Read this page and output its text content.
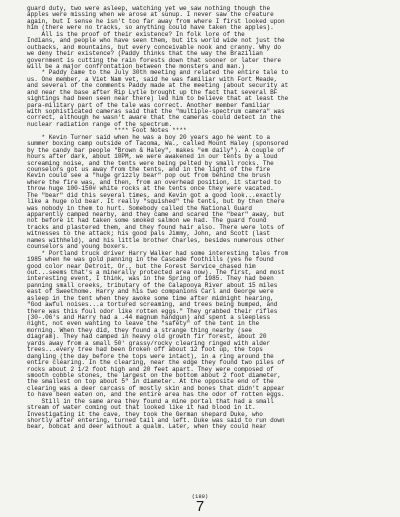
guard duty, two were asleep, watching yet we saw nothing though the
apples were missing when we arose at sunup. I never saw the creature
again, but I sense he isn't too far away from where I first looked upon
him (there were no tracks, so anything could have taken the apples).
All is the proof of their existence? In folk lore of the
Indians, and people who have seen them, but its world wide not just the
outbacks, and mountains, but every conceivable nook and cranny. Why do
we deny their existence? (Paddy thinks that the way the Brazilian
government is cutting the rain forests down that sooner or later there
will be a major confrontation between the monsters and man.)
* Paddy came to the July 30th meeting and related the entire tale to
us. One member, a Viet Nam vet, said he was familiar with Fort Meade,
and several of the comments Paddy made at the meeting (about security at
and near the base after Rip Lytle brought up the fact that several BF
sightings had been seen near there) led him to believe that at least the
para-military part of the tale was correct. Another member familiar
with sophisticated cameras said that the "multiple-spectrum camera" was
correct, although he wasn't aware that the cameras could detect in the
nuclear radiation range of the spectrum.
**** Foot Notes ****
* Kevin Turner said when he was a boy 20 years ago he went to a
summer boxing camp outside of Tacoma, Wa., called Mount Haley (sponsored
by the candy bar people "Brown & Haley", makes "em daily"). A couple of
hours after dark, about 10PM, we were awakened in our tents by a loud
screaming noise, and the tents were being pelted by small rocks. The
counselors got us away from the tents, and in the light of the fire
Kevin could see a "huge grizzly bear" pop out from behind the brush
where the fire was, and then, from an overhead position, it started to
throw huge 100-150# white rocks at the tents once they were vacated.
The "bear" did this several times, and Kevin got a good look...exactly
like a huge old bear. It really "squished" the tents, but by then there
was nobody in them to hurt. Somebody called the National Guard
apparently camped nearby, and they came and scared the "bear" away, but
not before it had taken some smoked salmon we had. The guard found
tracks and plastered them, and they found hair also. There were lots of
witnesses to the attack; his good pals Jimmy, John, and Scott (last
names withheld), and his little brother Charles, besides numerous other
counselors and young boxers.
* Portland truck driver Harry Walker had some interesting tales from
1985 when he was gold panning in the Cascade foothills (yes he found
good color near Detroit, Or., but the Forest Service chased him
out...seems that's a minerally protected area now). The first, and most
interesting event, I think, was in the Spring of 1985. They had been
panning small creeks, tributary of the Calapooya River about 15 miles
east of Sweethome. Harry and his two companions Carl and George were
asleep in the tent when they awoke some time after midnight hearing,
"God awful noises...a tortured screaming, and trees being bumped, and
there was this foul odor like rotten eggs." They grabbed their rifles
(30-.06's and Harry had a .44 magnum handgun) and spent a sleepless
night, not even wanting to leave the "safety" of the tent in the
morning. When they did, they found a strange thing nearby (see
diagram). They had camped in heavy old growth fir forest, about 20
yards away from a small 50' grassy/rocky clearing ringed with alder
trees...every tree had been broken off about 12 foot up, the tops
dangling (the day before the tops were intact), in a ring around the
entire clearing. In the clearing, near the edge they found two piles of
rocks about 2 1/2 foot high and 20 feet apart. They were composed of
smooth cobble stones, the largest on the bottom about 2 foot diameter,
the smallest on top about 5" in diameter. At the opposite end of the
clearing was a deer carcass of mostly skin and bones that didn't appear
to have been eaten on, and the entire area has the odor of rotten eggs.
Still in the same area they found a mine portal that had a small
stream of water coming out that looked like it had blood in it.
Investigating it the cave, they took the German shepard Duke, who
shortly after entering, turned tail and left. Duke was said to run down
bear, bobcat and deer without a qualm. Later, when they could hear
(180)
7
